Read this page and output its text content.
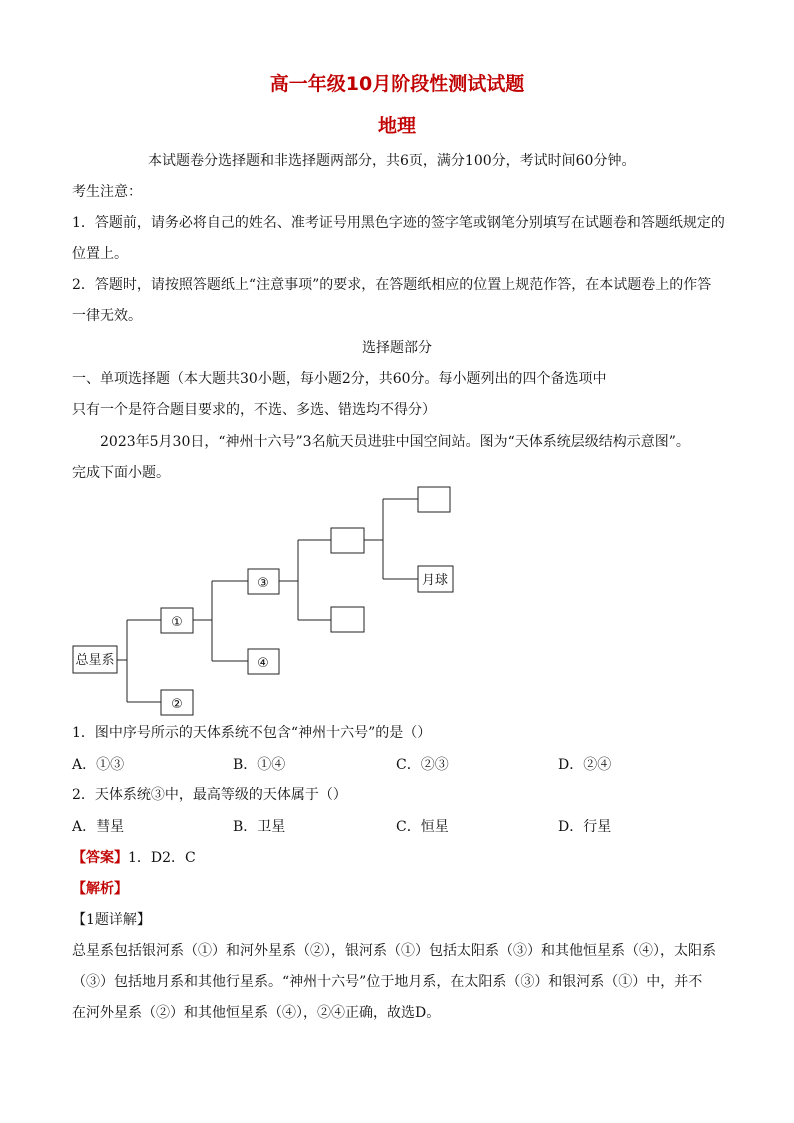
高一年级10月阶段性测试试题
地理
本试题卷分选择题和非选择题两部分，共6页，满分100分，考试时间60分钟。
考生注意：
1．答题前，请务必将自己的姓名、准考证号用黑色字迹的签字笔或钢笔分别填写在试题卷和答题纸规定的
位置上。
2．答题时，请按照答题纸上“注意事项”的要求，在答题纸相应的位置上规范作答，在本试题卷上的作答
一律无效。
选择题部分
一、单项选择题（本大题共30小题，每小题2分，共60分。每小题列出的四个备选项中
只有一个是符合题目要求的，不选、多选、错选均不得分）
2023年5月30日，“神州十六号”3名航天员进驻中国空间站。图为“天体系统层级结构示意图”。
完成下面小题。
总星系
①
②
③
④
月球
1．图中序号所示的天体系统不包含“神州十六号”的是（）
A．①③	B．①④	C．②③	D．②④
2．天体系统③中，最高等级的天体属于（）
A．彗星	B．卫星	C．恒星	D．行星
【答案】1．D2．C
【解析】
【1题详解】
总星系包括银河系（①）和河外星系（②），银河系（①）包括太阳系（③）和其他恒星系（④），太阳系
（③）包括地月系和其他行星系。“神州十六号”位于地月系，在太阳系（③）和银河系（①）中，并不
在河外星系（②）和其他恒星系（④），②④正确，故选D。
